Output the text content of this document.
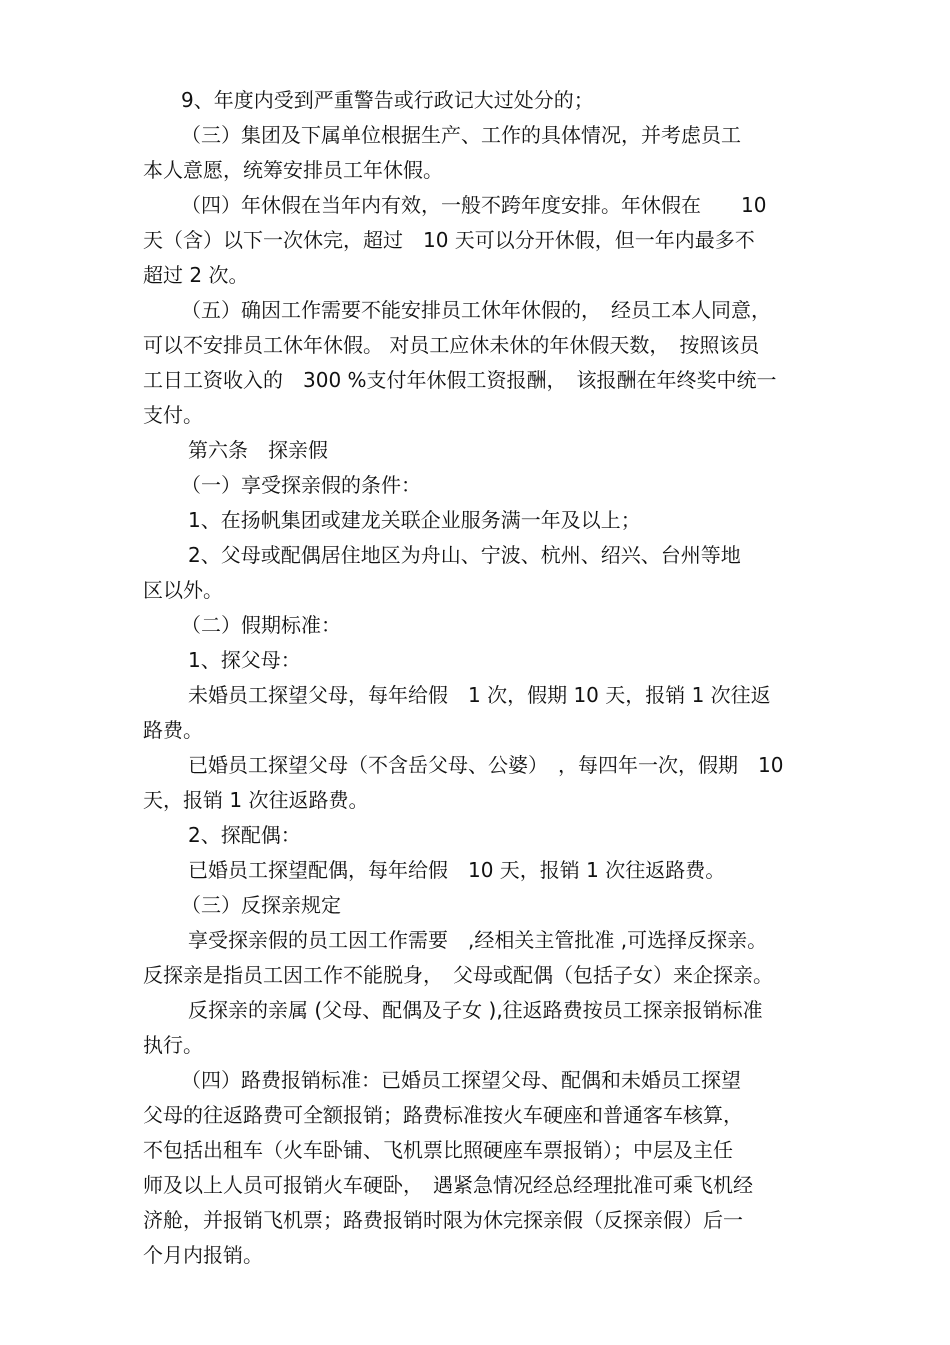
9、年度内受到严重警告或行政记大过处分的；
（三）集团及下属单位根据生产、工作的具体情况，并考虑员工
本人意愿，统筹安排员工年休假。
（四）年休假在当年内有效，一般不跨年度安排。年休假在　　10
天（含）以下一次休完，超过　10 天可以分开休假，但一年内最多不
超过 2 次。
（五）确因工作需要不能安排员工休年休假的，　经员工本人同意，
可以不安排员工休年休假。 对员工应休未休的年休假天数，　按照该员
工日工资收入的　300 %支付年休假工资报酬，　该报酬在年终奖中统一
支付。
第六条　探亲假
（一）享受探亲假的条件：
1、在扬帆集团或建龙关联企业服务满一年及以上；
2、父母或配偶居住地区为舟山、宁波、杭州、绍兴、台州等地
区以外。
（二）假期标准：
1、探父母：
未婚员工探望父母，每年给假　1 次，假期 10 天，报销 1 次往返
路费。
已婚员工探望父母（不含岳父母、公婆）　，每四年一次，假期　10
天，报销 1 次往返路费。
2、探配偶：
已婚员工探望配偶，每年给假　10 天，报销 1 次往返路费。
（三）反探亲规定
享受探亲假的员工因工作需要　,经相关主管批准 ,可选择反探亲。
反探亲是指员工因工作不能脱身，　父母或配偶（包括子女）来企探亲。
反探亲的亲属 (父母、配偶及子女 ),往返路费按员工探亲报销标准
执行。
（四）路费报销标准：已婚员工探望父母、配偶和未婚员工探望
父母的往返路费可全额报销；路费标准按火车硬座和普通客车核算，
不包括出租车（火车卧铺、飞机票比照硬座车票报销）；中层及主任
师及以上人员可报销火车硬卧，　遇紧急情况经总经理批准可乘飞机经
济舱，并报销飞机票；路费报销时限为休完探亲假（反探亲假）后一
个月内报销。
